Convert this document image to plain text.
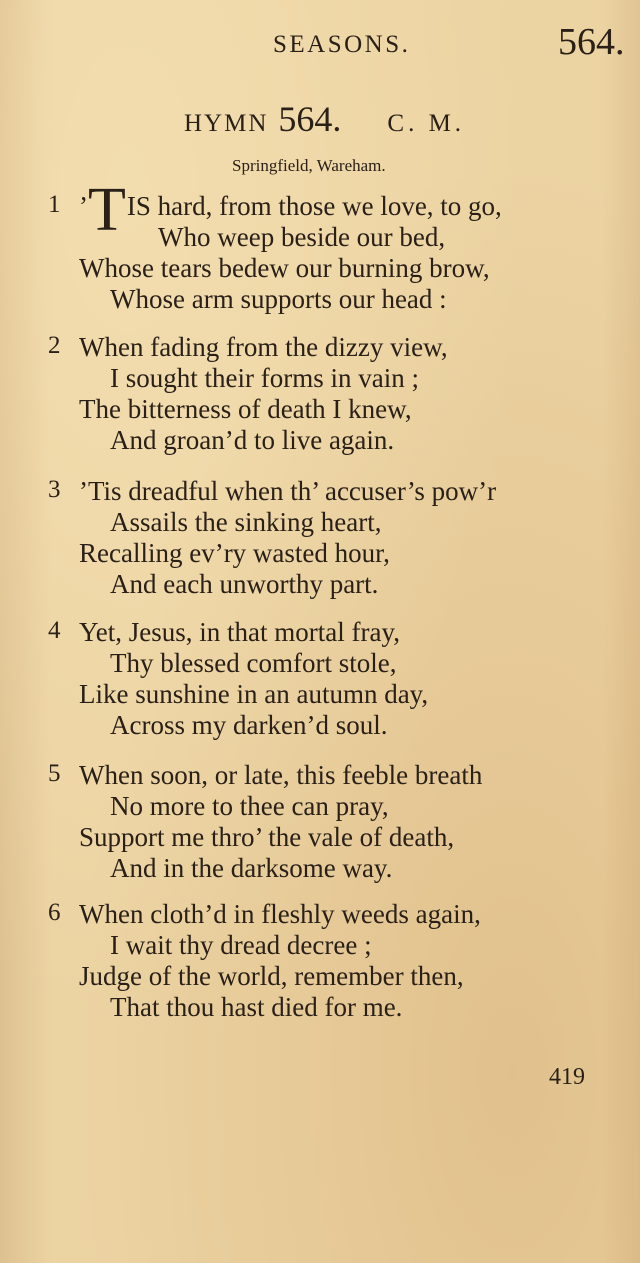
SEASONS.	564.
HYMN 564. C. M.
Springfield, Wareham.
1 ’TIS hard, from those we love, to go,
Who weep beside our bed,
Whose tears bedew our burning brow,
Whose arm supports our head :
2 When fading from the dizzy view,
I sought their forms in vain ;
The bitterness of death I knew,
And groan’d to live again.
3 ’Tis dreadful when th’ accuser’s pow’r
Assails the sinking heart,
Recalling ev’ry wasted hour,
And each unworthy part.
4 Yet, Jesus, in that mortal fray,
Thy blessed comfort stole,
Like sunshine in an autumn day,
Across my darken’d soul.
5 When soon, or late, this feeble breath
No more to thee can pray,
Support me thro’ the vale of death,
And in the darksome way.
6 When cloth’d in fleshly weeds again,
I wait thy dread decree ;
Judge of the world, remember then,
That thou hast died for me.
419
